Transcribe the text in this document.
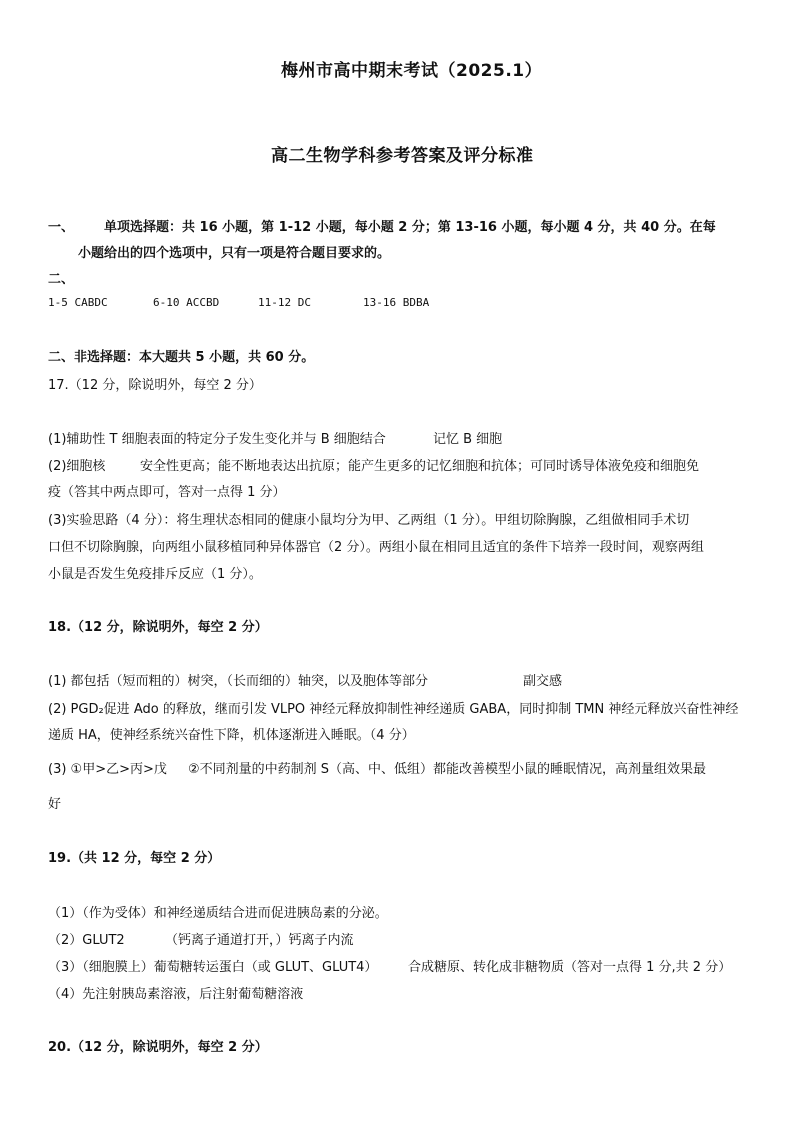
梅州市高中期末考试（2025.1）
高二生物学科参考答案及评分标准
一、 单项选择题：共 16 小题，第 1-12 小题，每小题 2 分；第 13-16 小题，每小题 4 分，共 40 分。在每
小题给出的四个选项中，只有一项是符合题目要求的。
二、
1-5 CABDC	6-10 ACCBD	11-12 DC	13-16 BDBA
二、非选择题：本大题共 5 小题，共 60 分。
17.（12 分，除说明外，每空 2 分）
(1)辅助性 T 细胞表面的特定分子发生变化并与 B 细胞结合	记忆 B 细胞
(2)细胞核	安全性更高；能不断地表达出抗原；能产生更多的记忆细胞和抗体；可同时诱导体液免疫和细胞免
疫（答其中两点即可，答对一点得 1 分）
(3)实验思路（4 分）：将生理状态相同的健康小鼠均分为甲、乙两组（1 分）。甲组切除胸腺，乙组做相同手术切
口但不切除胸腺，向两组小鼠移植同种异体器官（2 分）。两组小鼠在相同且适宜的条件下培养一段时间，观察两组
小鼠是否发生免疫排斥反应（1 分）。
18.（12 分，除说明外，每空 2 分）
(1) 都包括（短而粗的）树突，（长而细的）轴突，以及胞体等部分	副交感
(2) PGD₂促进 Ado 的释放，继而引发 VLPO 神经元释放抑制性神经递质 GABA，同时抑制 TMN 神经元释放兴奋性神经
递质 HA，使神经系统兴奋性下降，机体逐渐进入睡眠。（4 分）
(3) ①甲>乙>丙>戊 ②不同剂量的中药制剂 S（高、中、低组）都能改善模型小鼠的睡眠情况，高剂量组效果最
好
19.（共 12 分，每空 2 分）
（1）（作为受体）和神经递质结合进而促进胰岛素的分泌。
（2）GLUT2	（钙离子通道打开，）钙离子内流
（3）（细胞膜上）葡萄糖转运蛋白（或 GLUT、GLUT4） 合成糖原、转化成非糖物质（答对一点得 1 分,共 2 分）
（4）先注射胰岛素溶液，后注射葡萄糖溶液
20.（12 分，除说明外，每空 2 分）
